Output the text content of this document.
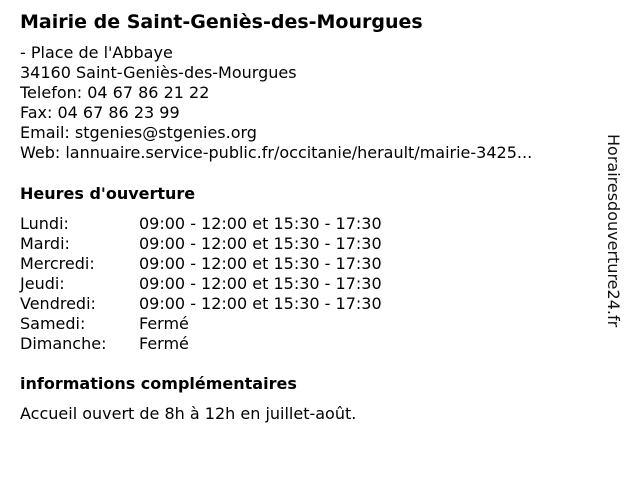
Mairie de Saint-Geniès-des-Mourgues
- Place de l'Abbaye
34160 Saint-Geniès-des-Mourgues
Telefon: 04 67 86 21 22
Fax: 04 67 86 23 99
Email: stgenies@stgenies.org
Web: lannuaire.service-public.fr/occitanie/herault/mairie-3425...
Heures d'ouverture
Lundi:	09:00 - 12:00 et 15:30 - 17:30
Mardi:	09:00 - 12:00 et 15:30 - 17:30
Mercredi:	09:00 - 12:00 et 15:30 - 17:30
Jeudi:	09:00 - 12:00 et 15:30 - 17:30
Vendredi:	09:00 - 12:00 et 15:30 - 17:30
Samedi:	Fermé
Dimanche:	Fermé
informations complémentaires
Accueil ouvert de 8h à 12h en juillet-août.
Horairesdouverture24.fr
